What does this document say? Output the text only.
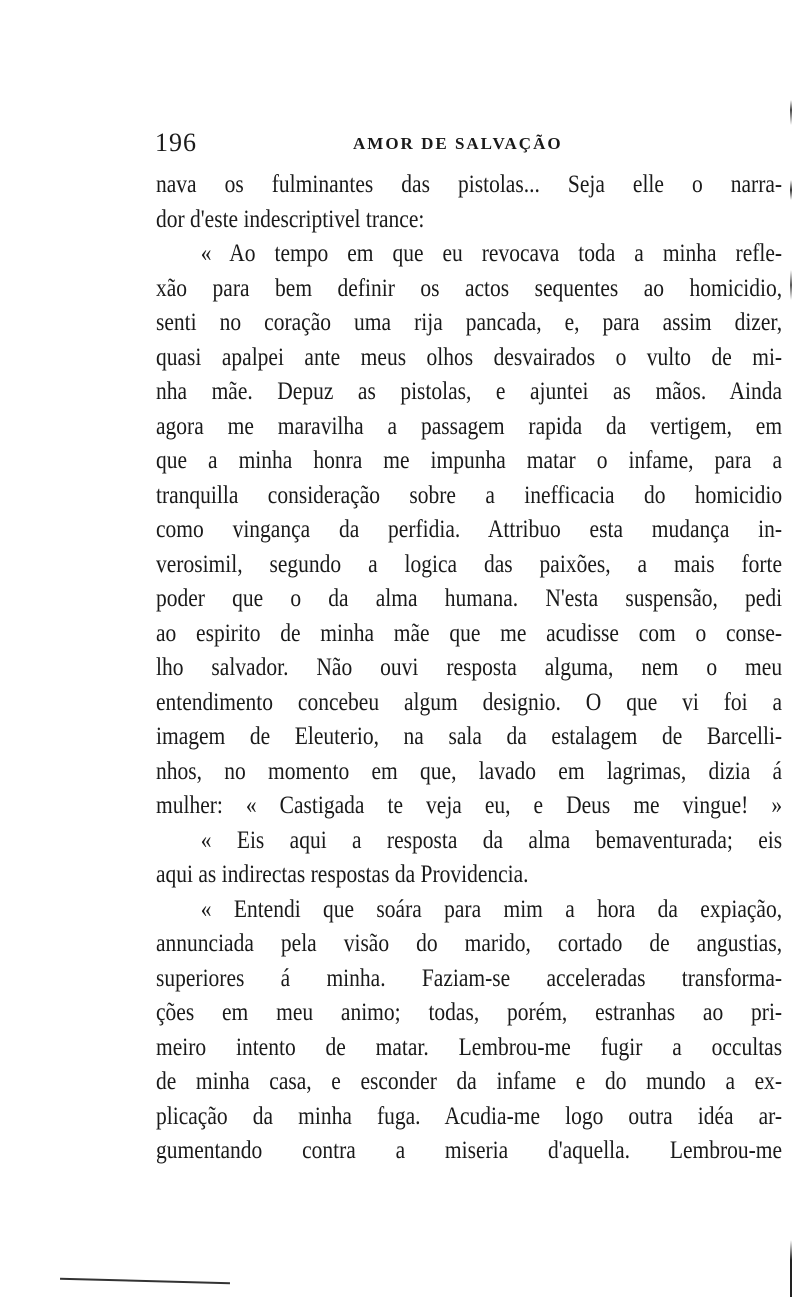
196	AMOR DE SALVAÇÃO
nava os fulminantes das pistolas... Seja elle o narra-
dor d'este indescriptivel trance:
« Ao tempo em que eu revocava toda a minha refle-
xão para bem definir os actos sequentes ao homicidio,
senti no coração uma rija pancada, e, para assim dizer,
quasi apalpei ante meus olhos desvairados o vulto de mi-
nha mãe. Depuz as pistolas, e ajuntei as mãos. Ainda
agora me maravilha a passagem rapida da vertigem, em
que a minha honra me impunha matar o infame, para a
tranquilla consideração sobre a inefficacia do homicidio
como vingança da perfidia. Attribuo esta mudança in-
verosimil, segundo a logica das paixões, a mais forte
poder que o da alma humana. N'esta suspensão, pedi
ao espirito de minha mãe que me acudisse com o conse-
lho salvador. Não ouvi resposta alguma, nem o meu
entendimento concebeu algum designio. O que vi foi a
imagem de Eleuterio, na sala da estalagem de Barcelli-
nhos, no momento em que, lavado em lagrimas, dizia á
mulher: « Castigada te veja eu, e Deus me vingue! »
« Eis aqui a resposta da alma bemaventurada; eis
aqui as indirectas respostas da Providencia.
« Entendi que soára para mim a hora da expiação,
annunciada pela visão do marido, cortado de angustias,
superiores á minha. Faziam-se acceleradas transforma-
ções em meu animo; todas, porém, estranhas ao pri-
meiro intento de matar. Lembrou-me fugir a occultas
de minha casa, e esconder da infame e do mundo a ex-
plicação da minha fuga. Acudia-me logo outra idéa ar-
gumentando contra a miseria d'aquella. Lembrou-me
